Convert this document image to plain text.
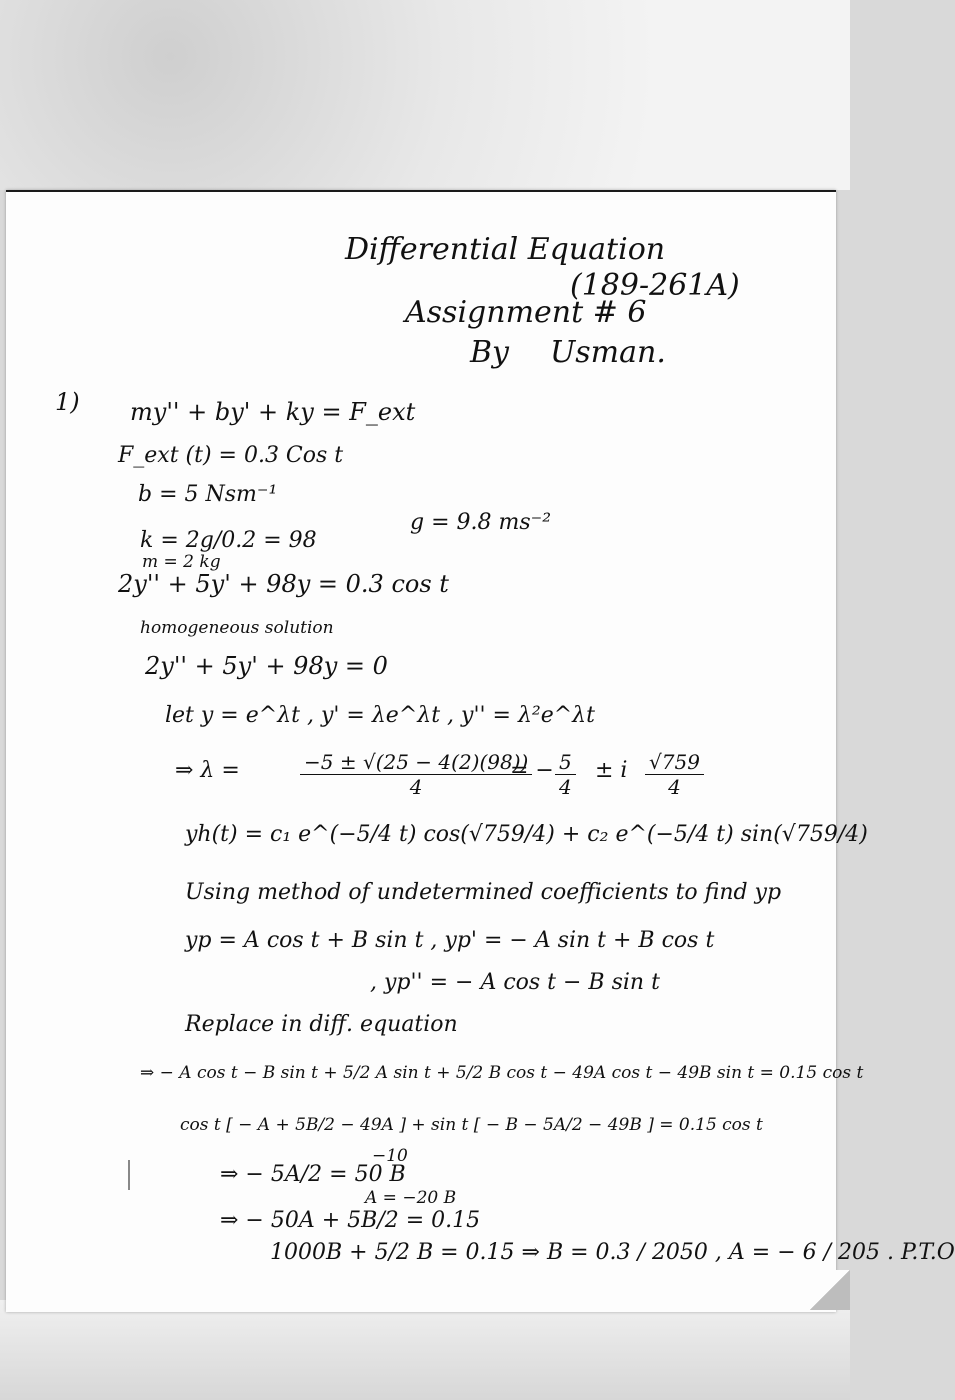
Differential Equation
(189-261A)
Assignment # 6
By Usman.
1) my'' + by' + ky = F_ext
F_ext (t) = 0.3 Cos t
b = 5 Nsm⁻¹
k = 2g/0.2 = 98
g = 9.8 ms⁻²
m = 2 kg
2y'' + 5y' + 98y = 0.3 cos t
homogeneous solution
2y'' + 5y' + 98y = 0
let y = e^λt , y' = λe^λt , y'' = λ²e^λt
⇒ λ =	$\frac{-5 \pm √(25 - 4(2)(98))}{4}$
= − $\frac{5}{4} \pm i \frac{√759}{4}$
yh(t) = c₁ e^(−5/4 t) cos(√759/4) + c₂ e^(−5/4 t) sin(√759/4)
Using method of undetermined coefficients to find yp
yp = A cos t + B sin t , yp' = − A sin t + B cos t
, yp'' = − A cos t − B sin t
Replace in diff. equation
⇒ − A cos t − B sin t + 5/2 A sin t + 5/2 B cos t − 49A cos t − 49B sin t = 0.15 cos t
cos t [ − A + 5B/2 − 49A ] + sin t [ − B − 5A/2 − 49B ] = 0.15 cos t
−10
⇒ − 5A/2 = 50 B
A = −20 B
⇒ − 50A + 5B/2 = 0.15
1000B + 5/2 B = 0.15 ⇒ B = 0.3 / 2050 , A = − 6 / 205 . P.T.O
